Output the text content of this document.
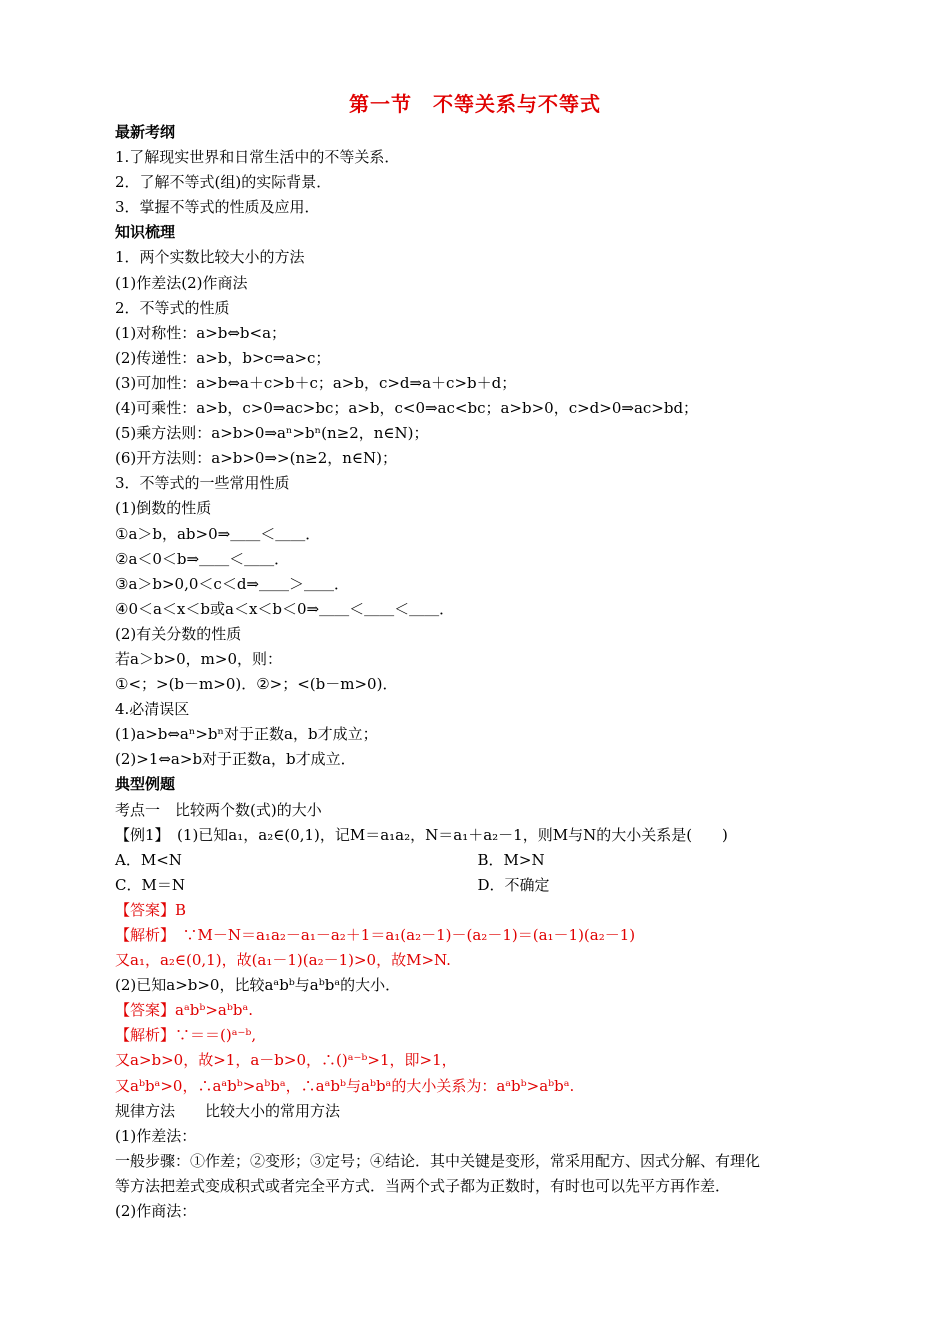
第一节　不等关系与不等式
最新考纲
1.了解现实世界和日常生活中的不等关系．
2．了解不等式(组)的实际背景．
3．掌握不等式的性质及应用．
知识梳理
1．两个实数比较大小的方法
(1)作差法(2)作商法
2．不等式的性质
(1)对称性：a>b⇔b<a；
(2)传递性：a>b，b>c⇒a>c；
(3)可加性：a>b⇔a＋c>b＋c；a>b，c>d⇒a＋c>b＋d；
(4)可乘性：a>b，c>0⇒ac>bc；a>b，c<0⇒ac<bc；a>b>0，c>d>0⇒ac>bd；
(5)乘方法则：a>b>0⇒aⁿ>bⁿ(n≥2，n∈N)；
(6)开方法则：a>b>0⇒>(n≥2，n∈N)；
3．不等式的一些常用性质
(1)倒数的性质
①a＞b，ab>0⇒＿＿＜＿＿．
②a＜0＜b⇒＿＿＜＿＿．
③a＞b>0,0＜c＜d⇒＿＿＞＿＿．
④0＜a＜x＜b或a＜x＜b＜0⇒＿＿＜＿＿＜＿＿．
(2)有关分数的性质
若a＞b>0，m>0，则：
①<；>(b－m>0)．②>；<(b－m>0)．
4.必清误区
(1)a>b⇔aⁿ>bⁿ对于正数a，b才成立；
(2)>1⇔a>b对于正数a，b才成立．
典型例题
考点一　比较两个数(式)的大小
【例1】　(1)已知a₁，a₂∈(0,1)，记M＝a₁a₂，N＝a₁＋a₂－1，则M与N的大小关系是(　　)
A．M<N	B．M>N
C．M＝N	D．不确定
【答案】B
【解析】　∵M－N＝a₁a₂－a₁－a₂＋1＝a₁(a₂－1)－(a₂－1)＝(a₁－1)(a₂－1)
又a₁，a₂∈(0,1)，故(a₁－1)(a₂－1)>0，故M>N.
(2)已知a>b>0，比较aᵃbᵇ与aᵇbᵃ的大小．
【答案】aᵃbᵇ>aᵇbᵃ.
【解析】∵＝＝()ᵃ⁻ᵇ,
又a>b>0，故>1，a－b>0，∴()ᵃ⁻ᵇ>1，即>1，
又aᵇbᵃ>0，∴aᵃbᵇ>aᵇbᵃ，∴aᵃbᵇ与aᵇbᵃ的大小关系为：aᵃbᵇ>aᵇbᵃ.
规律方法　　比较大小的常用方法
(1)作差法：
一般步骤：①作差；②变形；③定号；④结论．其中关键是变形，常采用配方、因式分解、有理化
等方法把差式变成积式或者完全平方式．当两个式子都为正数时，有时也可以先平方再作差．
(2)作商法：
